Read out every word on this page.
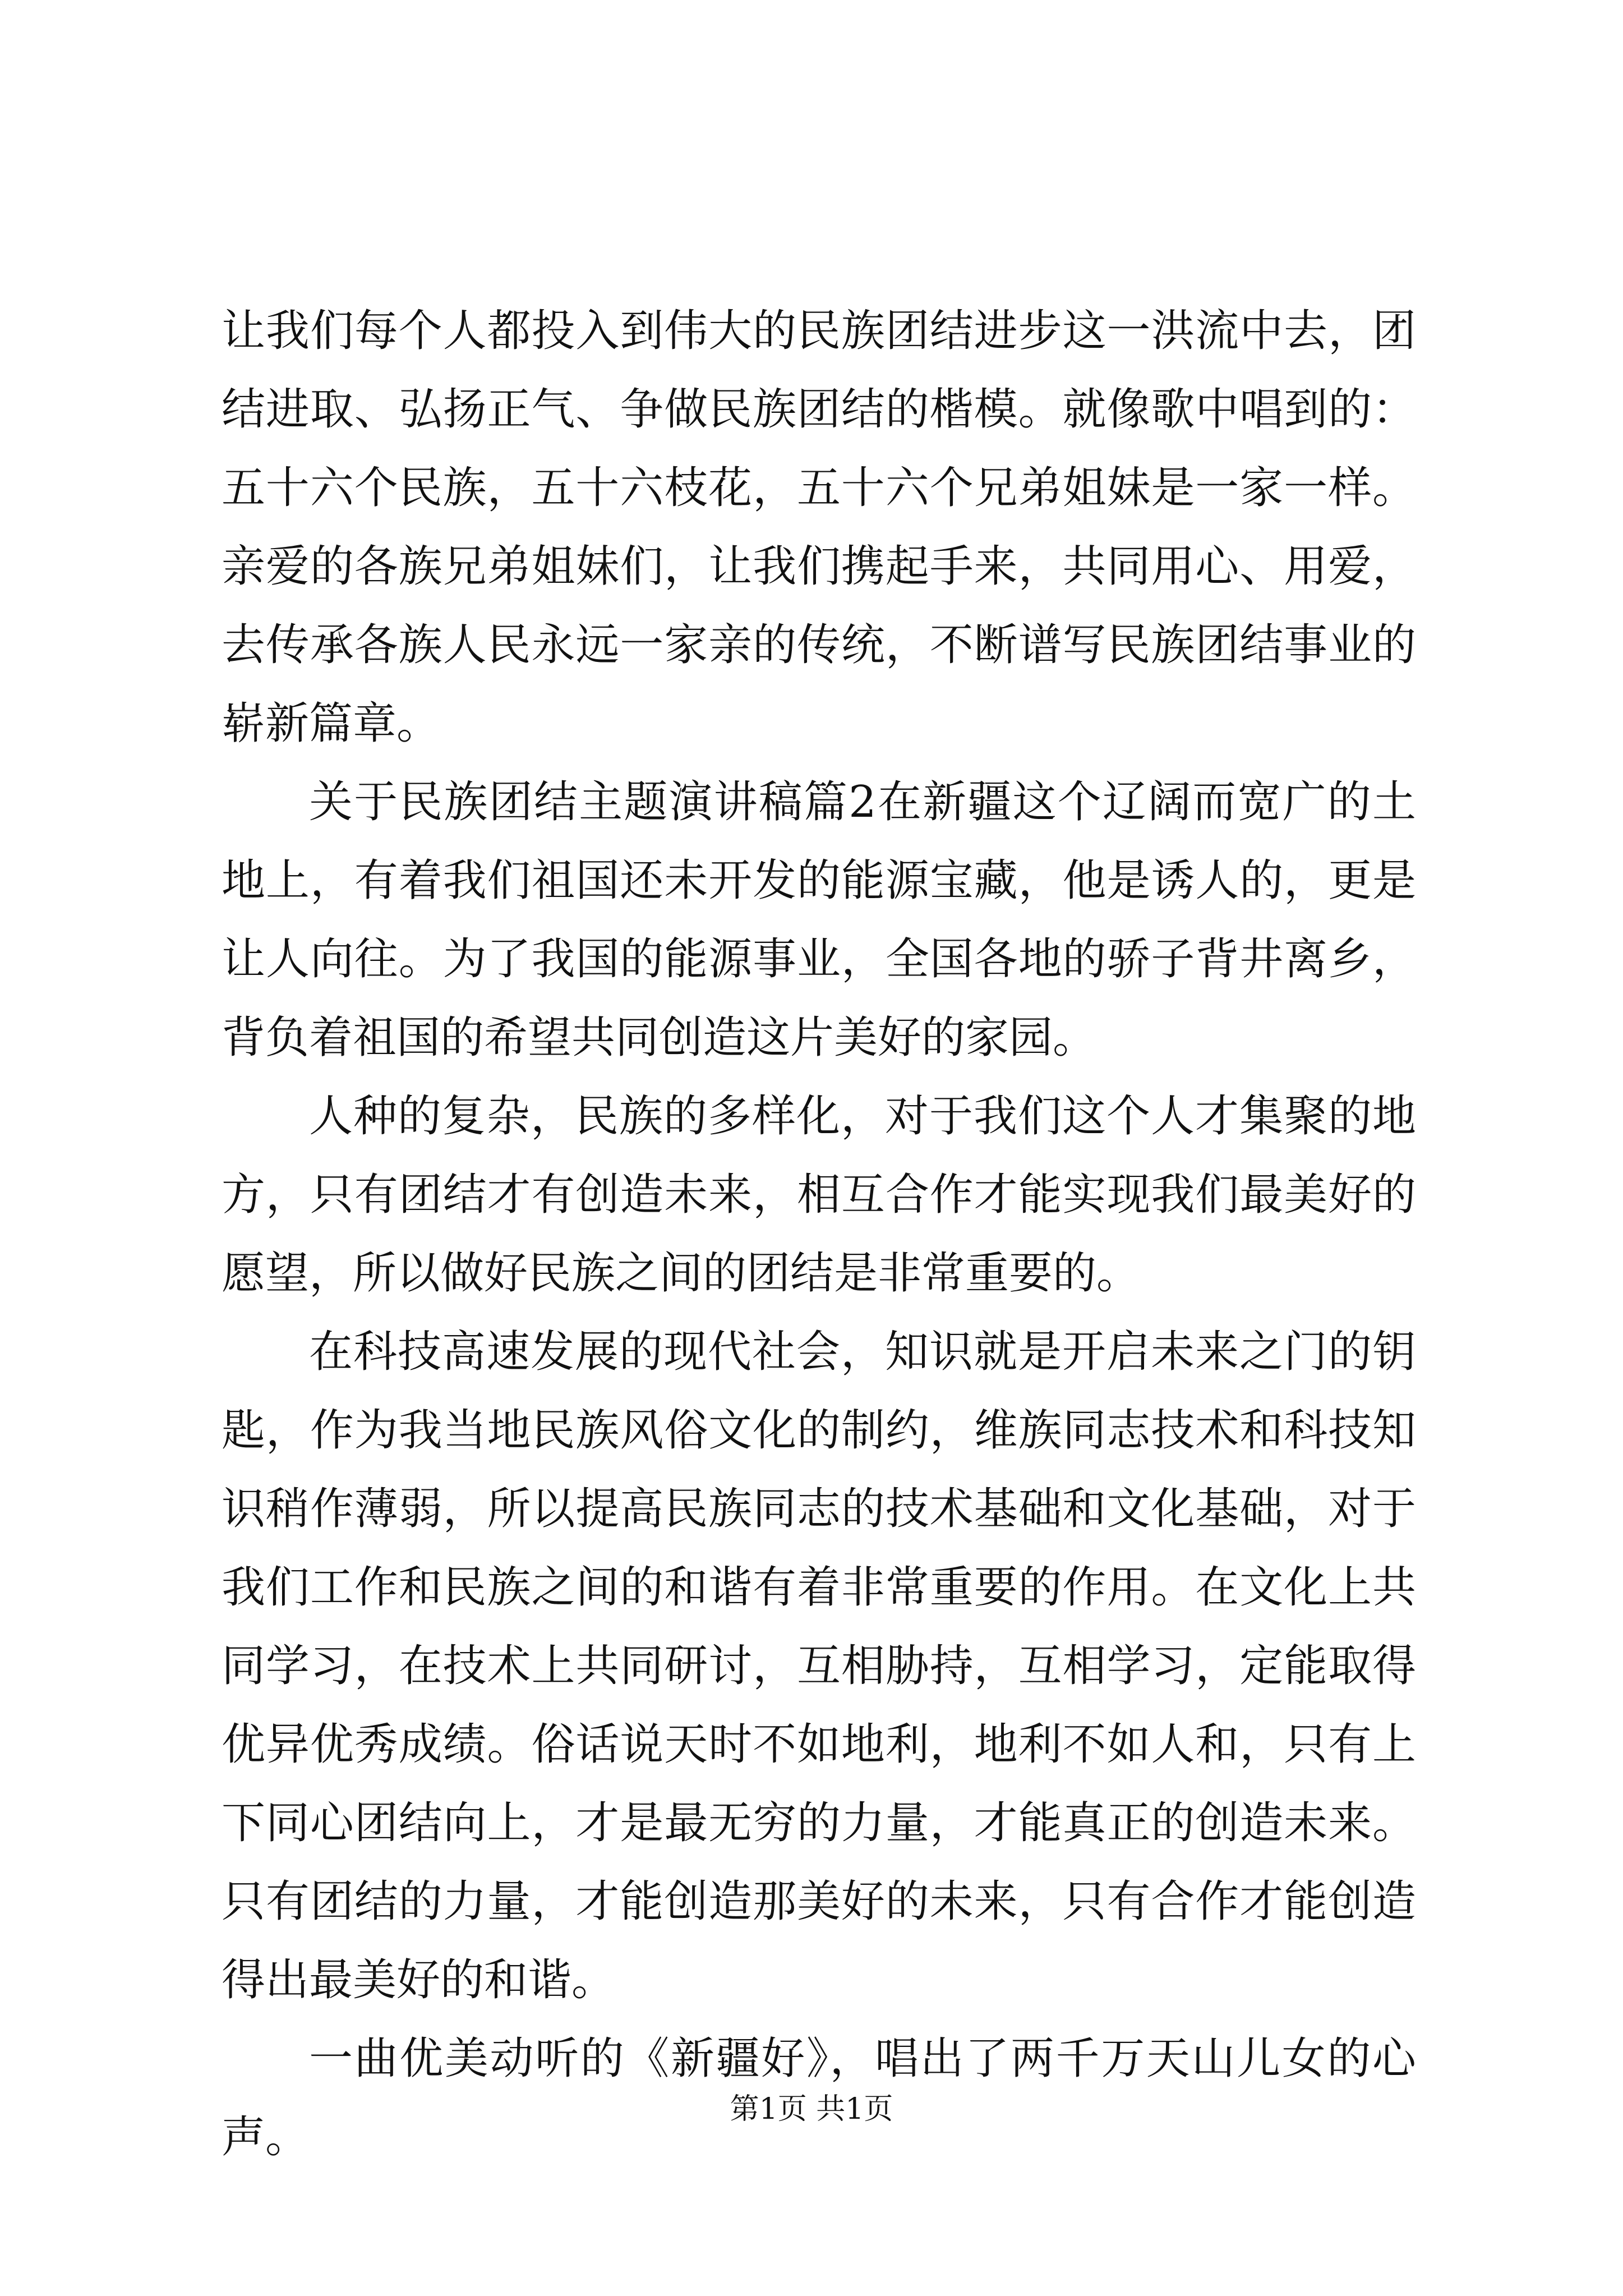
让我们每个人都投入到伟大的民族团结进步这一洪流中去，团结进取、弘扬正气、争做民族团结的楷模。就像歌中唱到的：五十六个民族，五十六枝花，五十六个兄弟姐妹是一家一样。亲爱的各族兄弟姐妹们，让我们携起手来，共同用心、用爱，去传承各族人民永远一家亲的传统，不断谱写民族团结事业的崭新篇章。

关于民族团结主题演讲稿篇2在新疆这个辽阔而宽广的土地上，有着我们祖国还未开发的能源宝藏，他是诱人的，更是让人向往。为了我国的能源事业，全国各地的骄子背井离乡，背负着祖国的希望共同创造这片美好的家园。

人种的复杂，民族的多样化，对于我们这个人才集聚的地方，只有团结才有创造未来，相互合作才能实现我们最美好的愿望，所以做好民族之间的团结是非常重要的。

在科技高速发展的现代社会，知识就是开启未来之门的钥匙，作为我当地民族风俗文化的制约，维族同志技术和科技知识稍作薄弱，所以提高民族同志的技术基础和文化基础，对于我们工作和民族之间的和谐有着非常重要的作用。在文化上共同学习，在技术上共同研讨，互相胁持，互相学习，定能取得优异优秀成绩。俗话说天时不如地利，地利不如人和，只有上下同心团结向上，才是最无穷的力量，才能真正的创造未来。只有团结的力量，才能创造那美好的未来，只有合作才能创造得出最美好的和谐。

一曲优美动听的《新疆好》，唱出了两千万天山儿女的心声。

第1页 共1页
